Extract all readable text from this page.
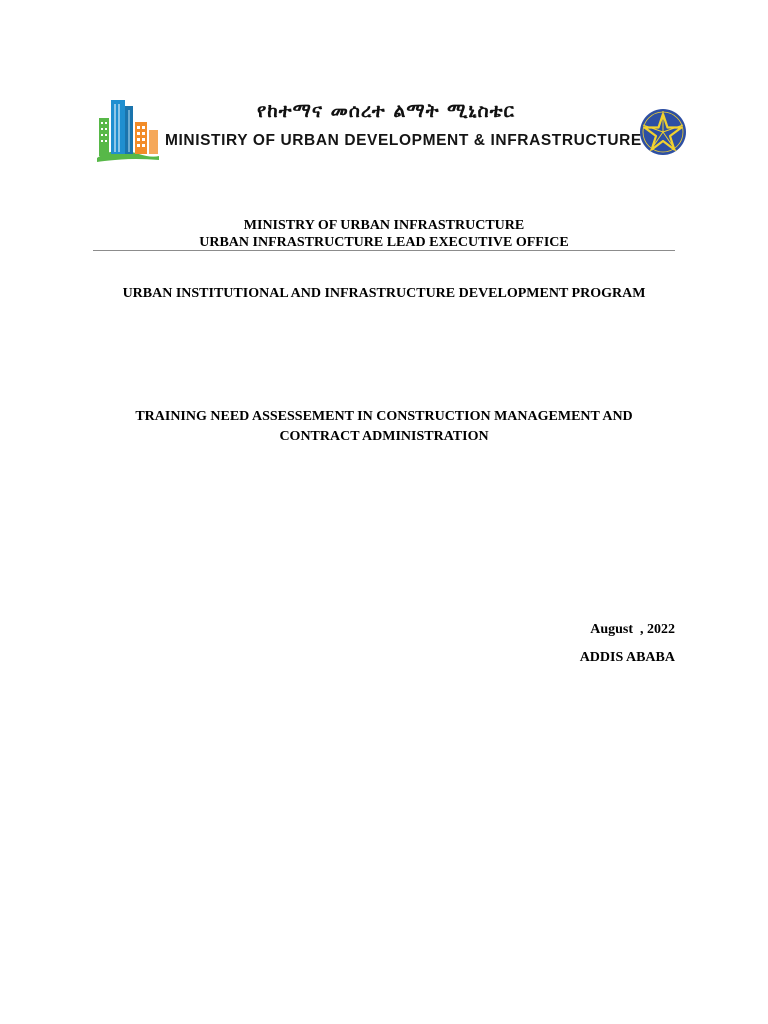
የከተማና መሰረተ ልማት ሚኒስቴር
MINISTIRY OF URBAN DEVELOPMENT & INFRASTRUCTURE
MINISTRY OF URBAN INFRASTRUCTURE
URBAN INFRASTRUCTURE LEAD EXECUTIVE OFFICE
URBAN INSTITUTIONAL AND INFRASTRUCTURE DEVELOPMENT PROGRAM
TRAINING NEED ASSESSEMENT IN CONSTRUCTION MANAGEMENT AND
CONTRACT ADMINISTRATION
August  , 2022
ADDIS ABABA
